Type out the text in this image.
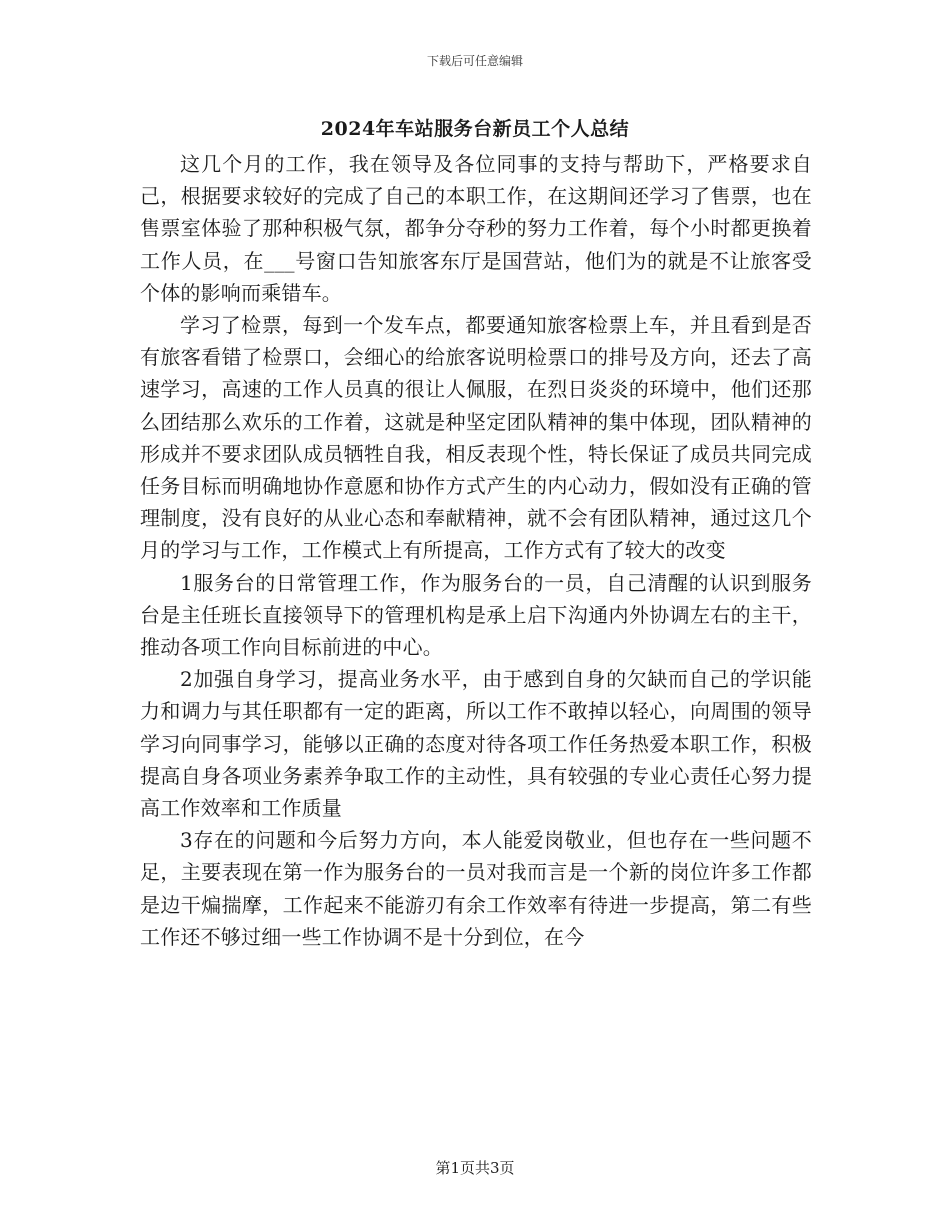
下载后可任意编辑
2024年车站服务台新员工个人总结

这几个月的工作，我在领导及各位同事的支持与帮助下，严格要求自己，根据要求较好的完成了自己的本职工作，在这期间还学习了售票，也在售票室体验了那种积极气氛，都争分夺秒的努力工作着，每个小时都更换着工作人员，在___号窗口告知旅客东厅是国营站，他们为的就是不让旅客受个体的影响而乘错车。

学习了检票，每到一个发车点，都要通知旅客检票上车，并且看到是否有旅客看错了检票口，会细心的给旅客说明检票口的排号及方向，还去了高速学习，高速的工作人员真的很让人佩服，在烈日炎炎的环境中，他们还那么团结那么欢乐的工作着，这就是种坚定团队精神的集中体现，团队精神的形成并不要求团队成员牺牲自我，相反表现个性，特长保证了成员共同完成任务目标而明确地协作意愿和协作方式产生的内心动力，假如没有正确的管理制度，没有良好的从业心态和奉献精神，就不会有团队精神，通过这几个月的学习与工作，工作模式上有所提高，工作方式有了较大的改变

1服务台的日常管理工作，作为服务台的一员，自己清醒的认识到服务台是主任班长直接领导下的管理机构是承上启下沟通内外协调左右的主干，推动各项工作向目标前进的中心。

2加强自身学习，提高业务水平，由于感到自身的欠缺而自己的学识能力和调力与其任职都有一定的距离，所以工作不敢掉以轻心，向周围的领导学习向同事学习，能够以正确的态度对待各项工作任务热爱本职工作，积极提高自身各项业务素养争取工作的主动性，具有较强的专业心责任心努力提高工作效率和工作质量

3存在的问题和今后努力方向，本人能爱岗敬业，但也存在一些问题不足，主要表现在第一作为服务台的一员对我而言是一个新的岗位许多工作都是边干煸揣摩，工作起来不能游刃有余工作效率有待进一步提高，第二有些工作还不够过细一些工作协调不是十分到位，在今

第1页共3页
